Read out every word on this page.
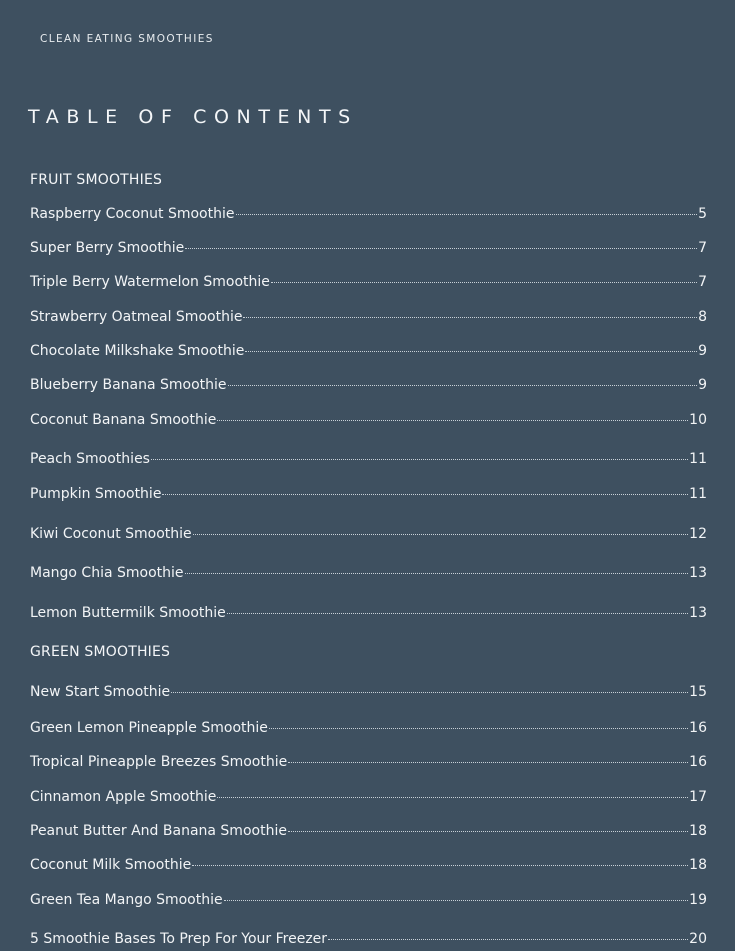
CLEAN EATING SMOOTHIES
TABLE OF CONTENTS
FRUIT SMOOTHIES
Raspberry Coconut Smoothie	5
Super Berry Smoothie	7
Triple Berry Watermelon Smoothie	7
Strawberry Oatmeal Smoothie	8
Chocolate Milkshake Smoothie	9
Blueberry Banana Smoothie	9
Coconut Banana Smoothie	10
Peach Smoothies	11
Pumpkin Smoothie	11
Kiwi Coconut Smoothie	12
Mango Chia Smoothie	13
Lemon Buttermilk Smoothie	13
GREEN SMOOTHIES
New Start Smoothie	15
Green Lemon Pineapple Smoothie	16
Tropical Pineapple Breezes Smoothie	16
Cinnamon Apple Smoothie	17
Peanut Butter And Banana Smoothie	18
Coconut Milk Smoothie	18
Green Tea Mango Smoothie	19
5 Smoothie Bases To Prep For Your Freezer	20
